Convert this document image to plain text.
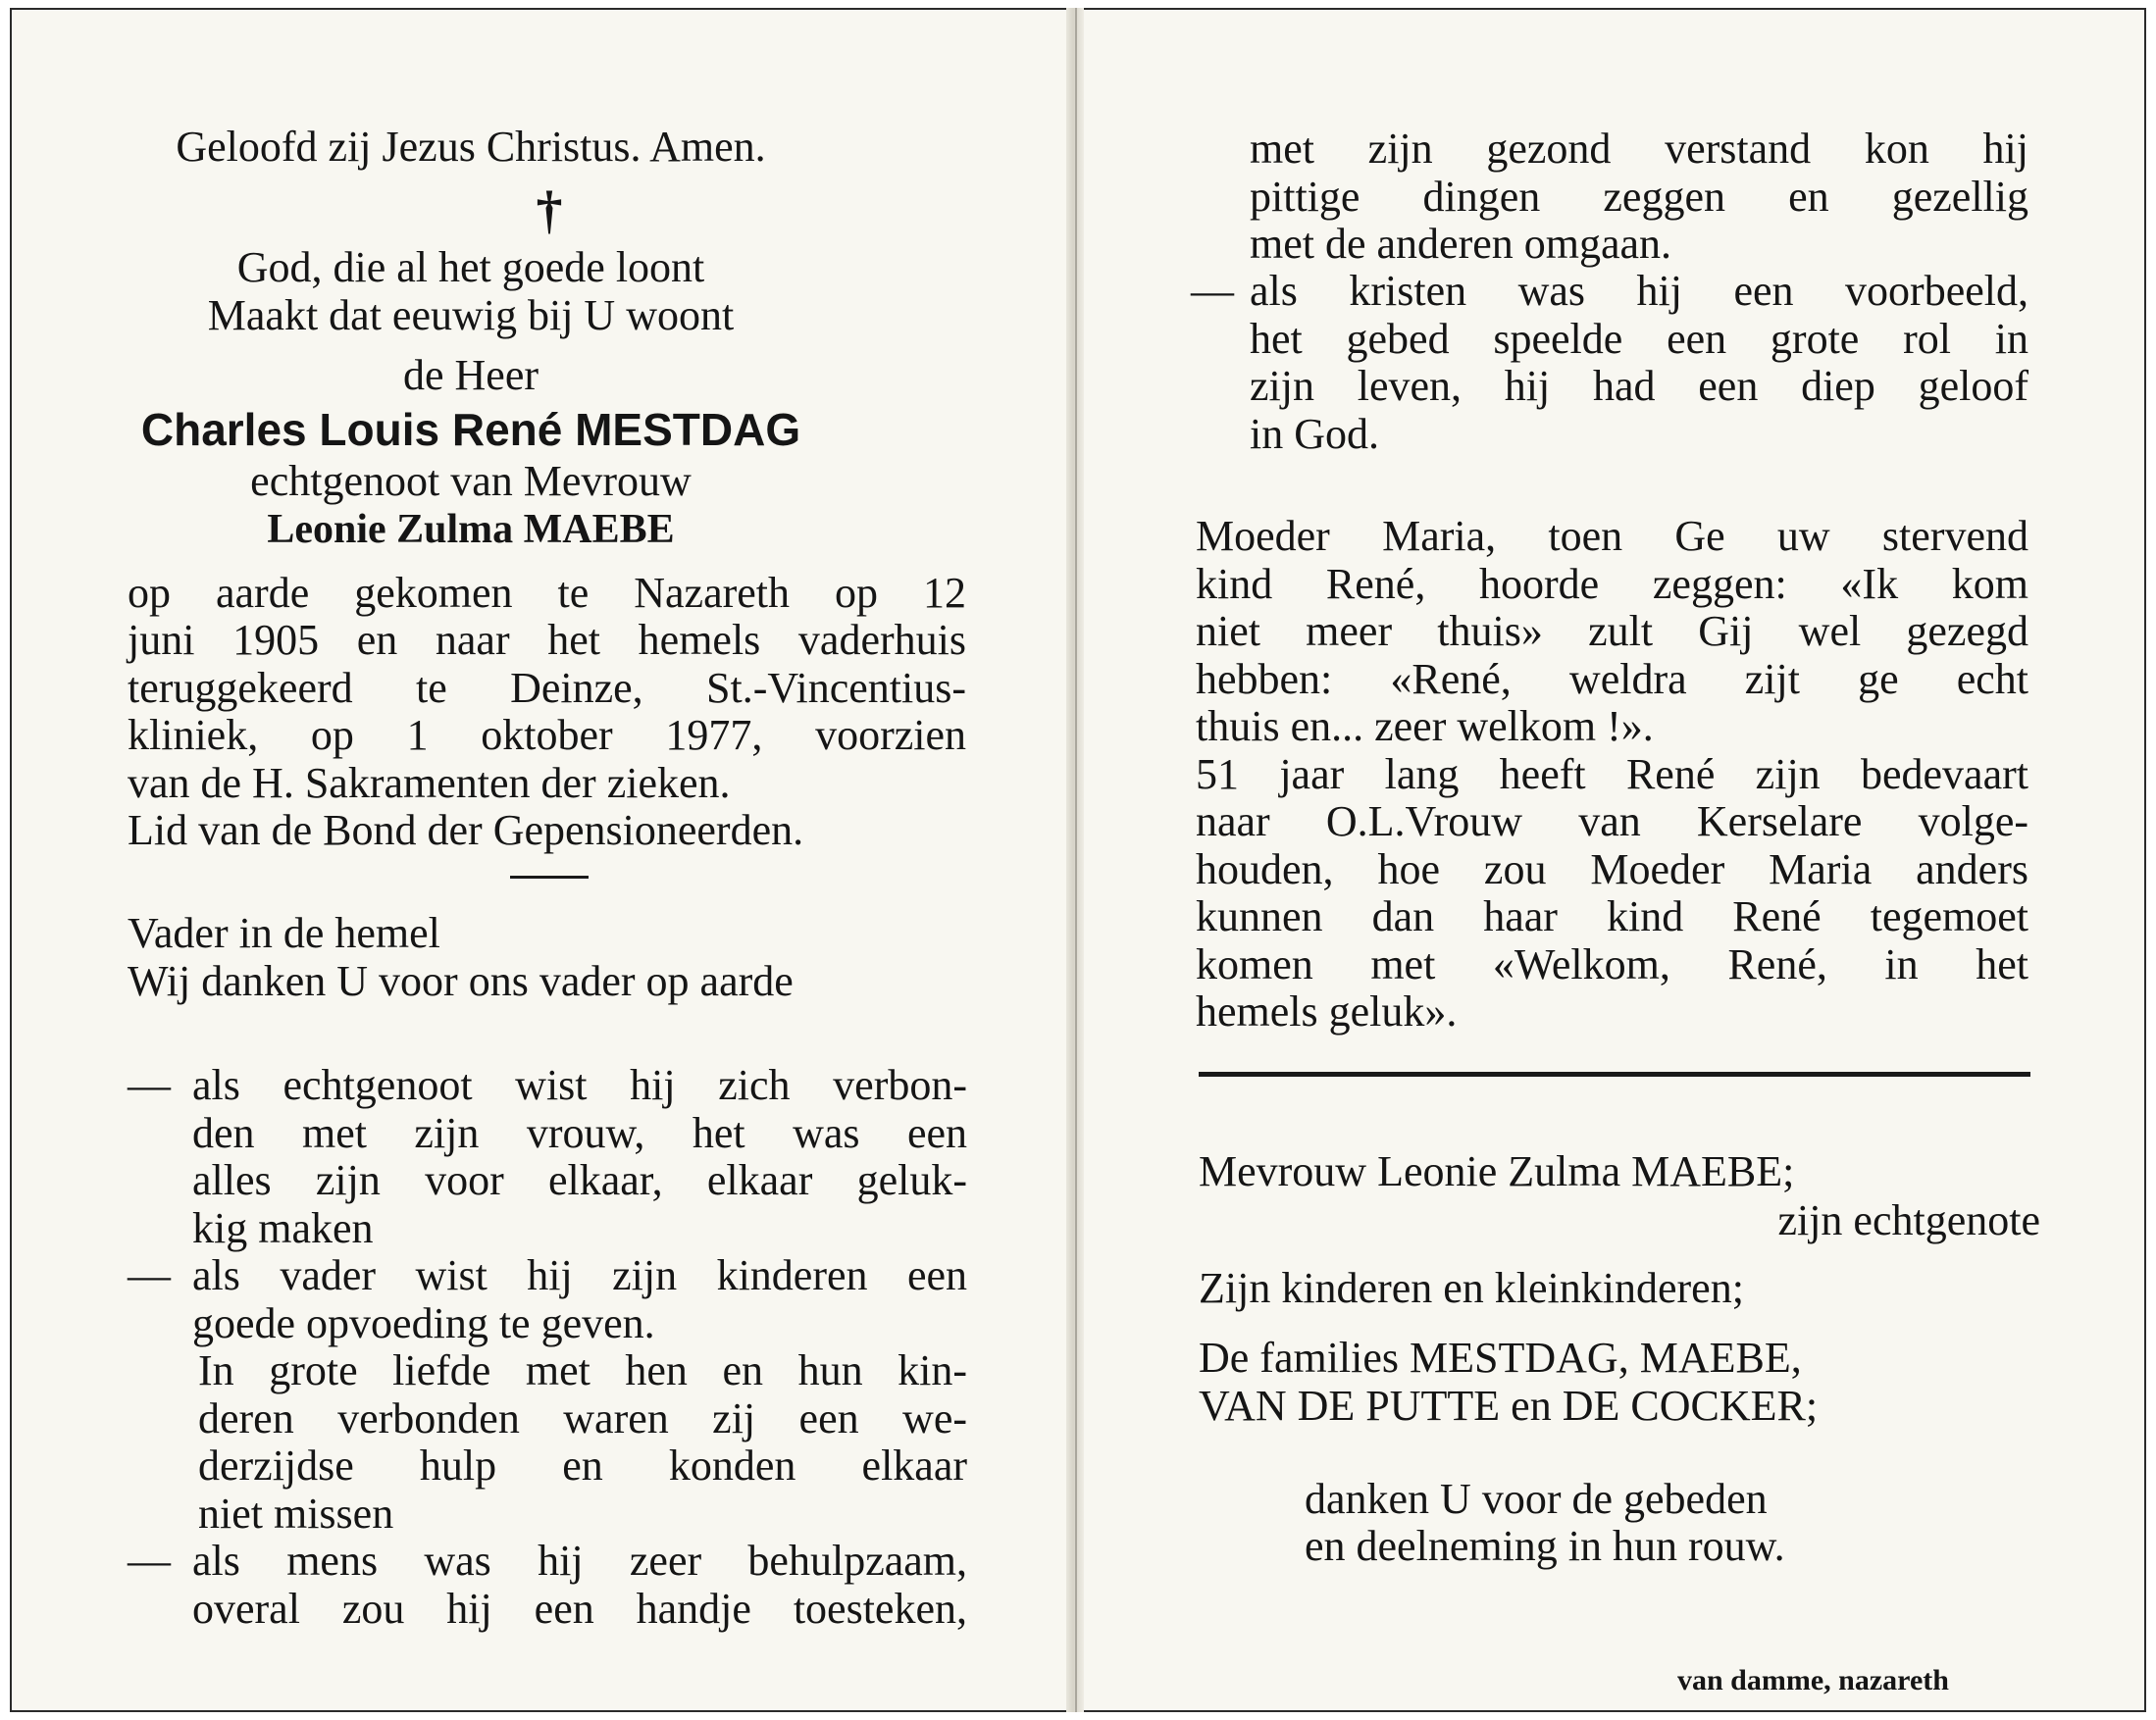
Geloofd zij Jezus Christus. Amen.
†
God, die al het goede loont
Maakt dat eeuwig bij U woont
de Heer
Charles Louis René MESTDAG
echtgenoot van Mevrouw
Leonie Zulma MAEBE
op aarde gekomen te Nazareth op 12
juni 1905 en naar het hemels vaderhuis
teruggekeerd te Deinze, St.-Vincentius-
kliniek, op 1 oktober 1977, voorzien
van de H. Sakramenten der zieken.
Lid van de Bond der Gepensioneerden.
Vader in de hemel
Wij danken U voor ons vader op aarde
— als echtgenoot wist hij zich verbon-
den met zijn vrouw, het was een
alles zijn voor elkaar, elkaar geluk-
kig maken
— als vader wist hij zijn kinderen een
goede opvoeding te geven.
In grote liefde met hen en hun kin-
deren verbonden waren zij een we-
derzijdse hulp en konden elkaar
niet missen
— als mens was hij zeer behulpzaam,
overal zou hij een handje toesteken,
met zijn gezond verstand kon hij
pittige dingen zeggen en gezellig
met de anderen omgaan.
— als kristen was hij een voorbeeld,
het gebed speelde een grote rol in
zijn leven, hij had een diep geloof
in God.
Moeder Maria, toen Ge uw stervend
kind René, hoorde zeggen: «Ik kom
niet meer thuis» zult Gij wel gezegd
hebben: «René, weldra zijt ge echt
thuis en... zeer welkom !».
51 jaar lang heeft René zijn bedevaart
naar O.L.Vrouw van Kerselare volge-
houden, hoe zou Moeder Maria anders
kunnen dan haar kind René tegemoet
komen met «Welkom, René, in het
hemels geluk».
Mevrouw Leonie Zulma MAEBE;
zijn echtgenote
Zijn kinderen en kleinkinderen;
De families MESTDAG, MAEBE,
VAN DE PUTTE en DE COCKER;
danken U voor de gebeden
en deelneming in hun rouw.
van damme, nazareth
